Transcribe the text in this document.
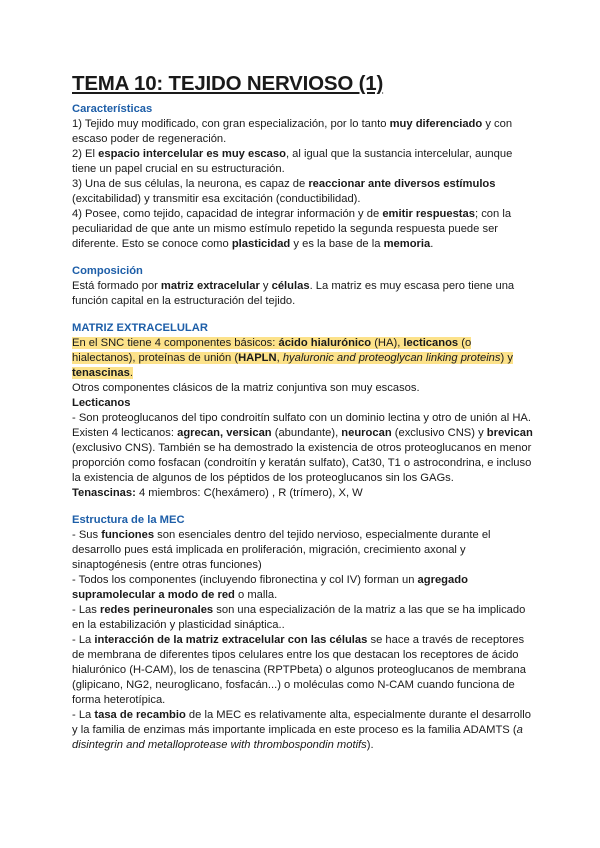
TEMA 10: TEJIDO NERVIOSO (1)
Características

1) Tejido muy modificado, con gran especialización, por lo tanto muy diferenciado y con escaso poder de regeneración.

2) El espacio intercelular es muy escaso, al igual que la sustancia intercelular, aunque tiene un papel crucial en su estructuración.

3) Una de sus células, la neurona, es capaz de reaccionar ante diversos estímulos (excitabilidad) y transmitir esa excitación (conductibilidad).

4) Posee, como tejido, capacidad de integrar información y de emitir respuestas; con la peculiaridad de que ante un mismo estímulo repetido la segunda respuesta puede ser diferente. Esto se conoce como plasticidad y es la base de la memoria.

Composición

Está formado por matriz extracelular y células. La matriz es muy escasa pero tiene una función capital en la estructuración del tejido.

MATRIZ EXTRACELULAR

En el SNC tiene 4 componentes básicos: ácido hialurónico (HA), lecticanos (o hialectanos), proteínas de unión (HAPLN, hyaluronic and proteoglycan linking proteins) y tenascinas.

Otros componentes clásicos de la matriz conjuntiva son muy escasos.

Lecticanos

- Son proteoglucanos del tipo condroitín sulfato con un dominio lectina y otro de unión al HA. Existen 4 lecticanos: agrecan, versican (abundante), neurocan (exclusivo CNS) y brevican (exclusivo CNS). También se ha demostrado la existencia de otros proteoglucanos en menor proporción como fosfacan (condroitín y keratán sulfato), Cat30, T1 o astrocondrina, e incluso la existencia de algunos de los péptidos de los proteoglucanos sin los GAGs.

Tenascinas: 4 miembros: C(hexámero) , R (trímero), X, W

Estructura de la MEC

- Sus funciones son esenciales dentro del tejido nervioso, especialmente durante el desarrollo pues está implicada en proliferación, migración, crecimiento axonal y sinaptogénesis (entre otras funciones)

- Todos los componentes (incluyendo fibronectina y col IV) forman un agregado supramolecular a modo de red o malla.

- Las redes perineuronales son una especialización de la matriz a las que se ha implicado en la estabilización y plasticidad sináptica..

- La interacción de la matriz extracelular con las células se hace a través de receptores de membrana de diferentes tipos celulares entre los que destacan los receptores de ácido hialurónico (H-CAM), los de tenascina (RPTPbeta) o algunos proteoglucanos de membrana (glipicano, NG2, neuroglicano, fosfacán...) o moléculas como N-CAM cuando funciona de forma heterotípica.

- La tasa de recambio de la MEC es relativamente alta, especialmente durante el desarrollo y la familia de enzimas más importante implicada en este proceso es la familia ADAMTS (a disintegrin and metalloprotease with thrombospondin motifs).
